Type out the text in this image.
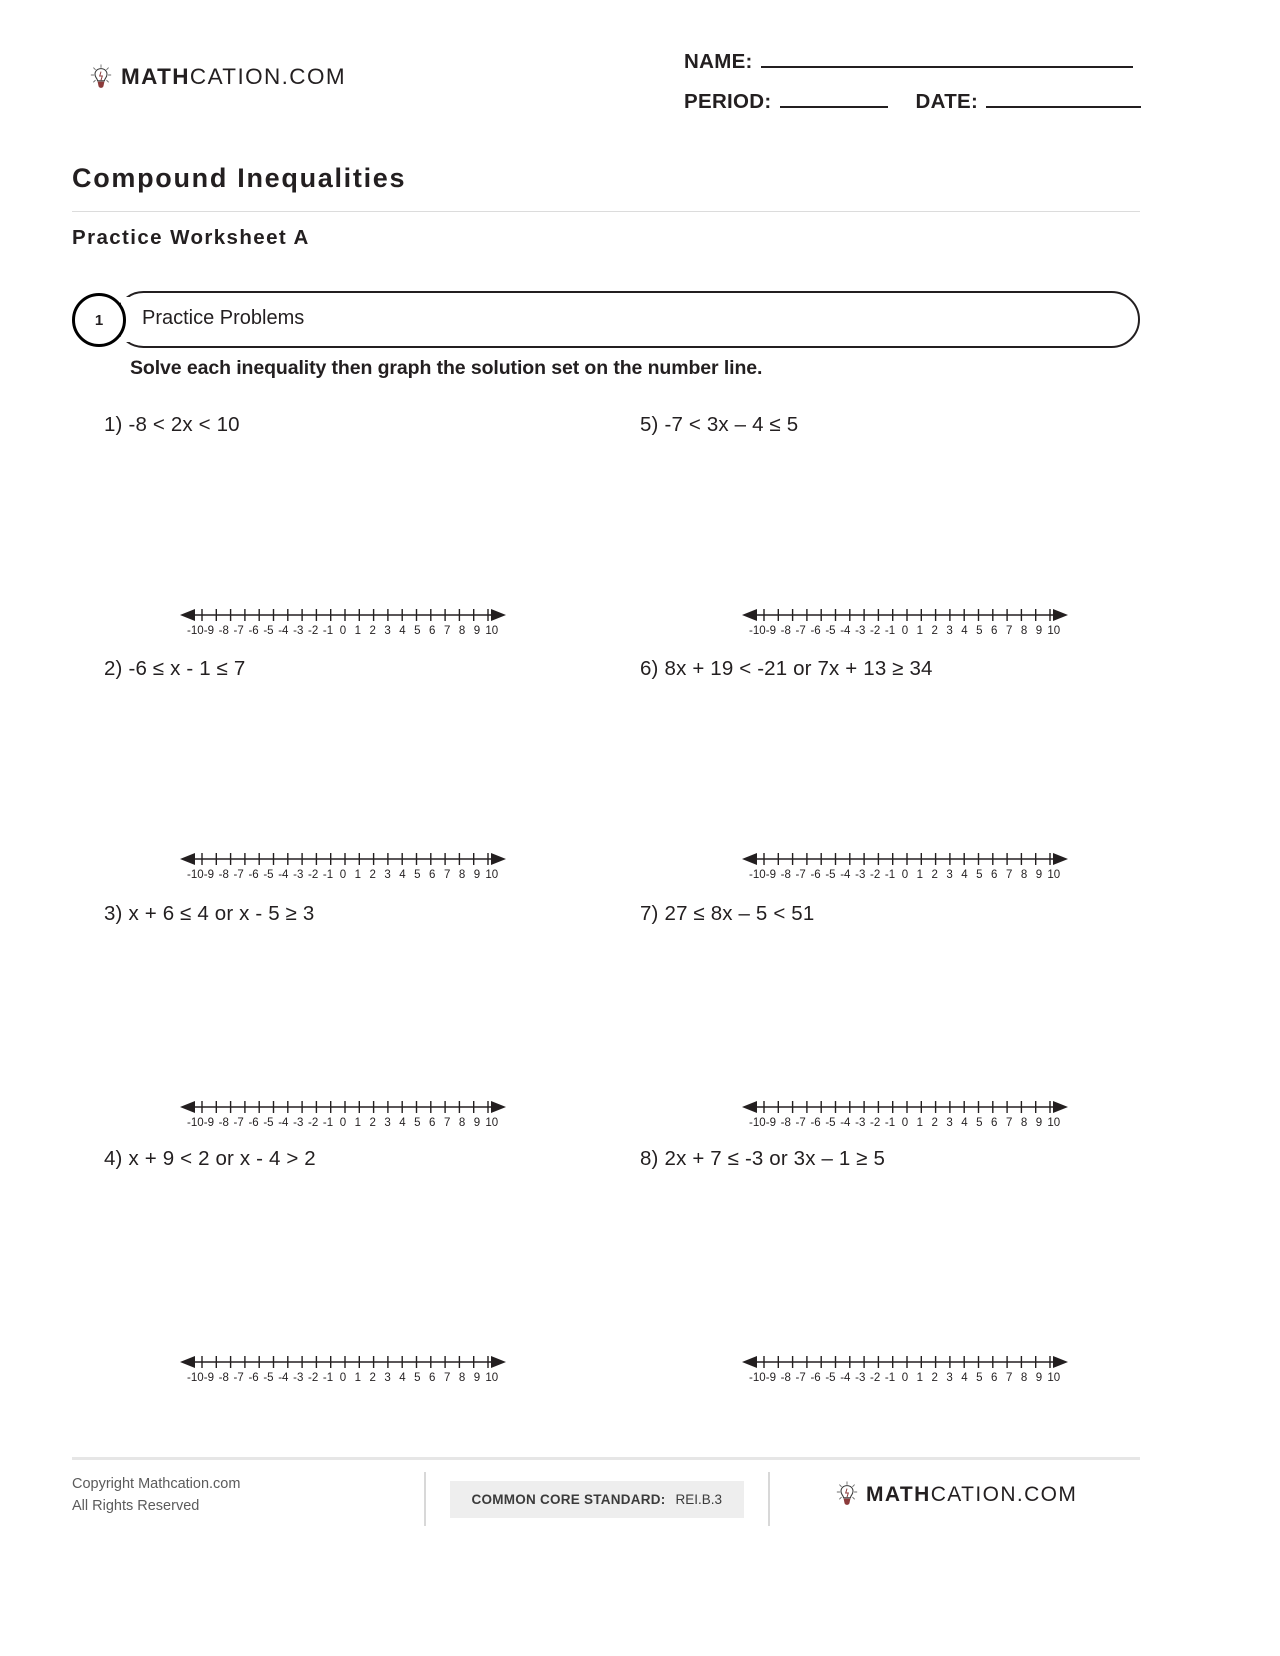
MATHCATION.COM
NAME:
PERIOD:	DATE:
Compound Inequalities
Practice Worksheet A
1	Practice Problems
Solve each inequality then graph the solution set on the number line.
1) -8 < 2x < 10
-10 -9 -8 -7 -6 -5 -4 -3 -2 -1 0 1 2 3 4 5 6 7 8 9 10
2) -6 ≤ x - 1 ≤ 7
-10 -9 -8 -7 -6 -5 -4 -3 -2 -1 0 1 2 3 4 5 6 7 8 9 10
3) x + 6 ≤ 4 or x - 5 ≥ 3
-10 -9 -8 -7 -6 -5 -4 -3 -2 -1 0 1 2 3 4 5 6 7 8 9 10
4) x + 9 < 2 or x - 4 > 2
-10 -9 -8 -7 -6 -5 -4 -3 -2 -1 0 1 2 3 4 5 6 7 8 9 10
5) -7 < 3x – 4 ≤ 5
-10 -9 -8 -7 -6 -5 -4 -3 -2 -1 0 1 2 3 4 5 6 7 8 9 10
6) 8x + 19 < -21 or 7x + 13 ≥ 34
-10 -9 -8 -7 -6 -5 -4 -3 -2 -1 0 1 2 3 4 5 6 7 8 9 10
7) 27 ≤ 8x – 5 < 51
-10 -9 -8 -7 -6 -5 -4 -3 -2 -1 0 1 2 3 4 5 6 7 8 9 10
8) 2x + 7 ≤ -3 or 3x – 1 ≥ 5
-10 -9 -8 -7 -6 -5 -4 -3 -2 -1 0 1 2 3 4 5 6 7 8 9 10
Copyright Mathcation.com
All Rights Reserved	COMMON CORE STANDARD: REI.B.3	MATHCATION.COM
